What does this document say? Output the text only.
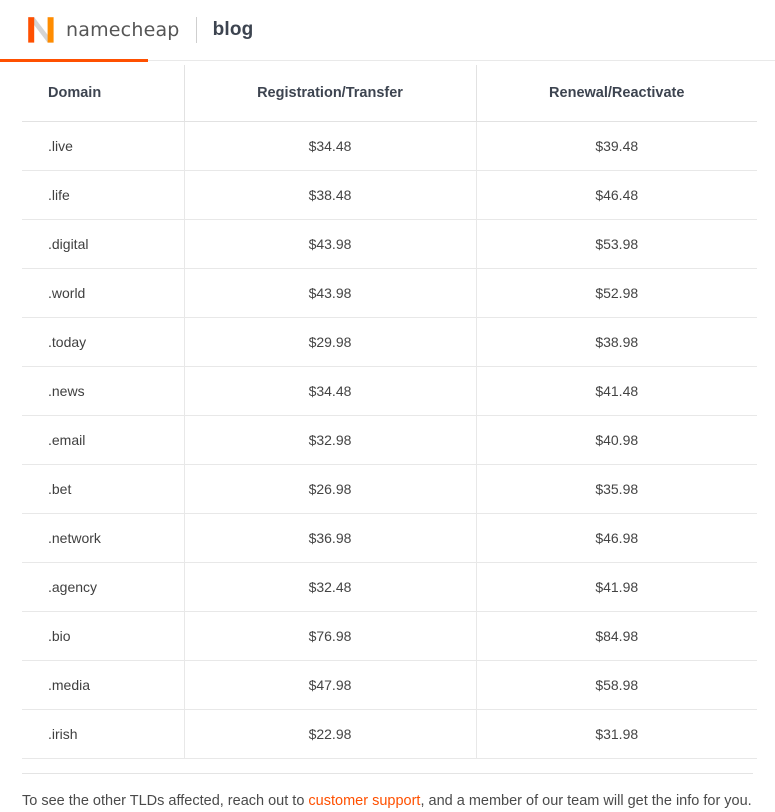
namecheap blog
Domain	Registration/Transfer	Renewal/Reactivate
.live	$34.48	$39.48
.life	$38.48	$46.48
.digital	$43.98	$53.98
.world	$43.98	$52.98
.today	$29.98	$38.98
.news	$34.48	$41.48
.email	$32.98	$40.98
.bet	$26.98	$35.98
.network	$36.98	$46.98
.agency	$32.48	$41.98
.bio	$76.98	$84.98
.media	$47.98	$58.98
.irish	$22.98	$31.98

To see the other TLDs affected, reach out to customer support, and a member of our team will get the info for you.
